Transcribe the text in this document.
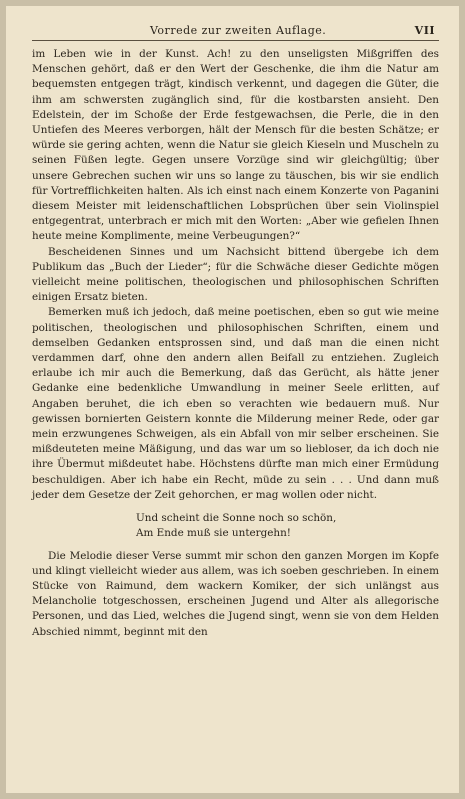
Vorrede zur zweiten Auflage.	VII

im Leben wie in der Kunst. Ach! zu den unseligsten Mißgriffen des Menschen gehört, daß er den Wert der Geschenke, die ihm die Natur am bequemsten entgegen trägt, kindisch verkennt, und dagegen die Güter, die ihm am schwersten zugänglich sind, für die kostbarsten ansieht. Den Edelstein, der im Schoße der Erde festgewachsen, die Perle, die in den Untiefen des Meeres verborgen, hält der Mensch für die besten Schätze; er würde sie gering achten, wenn die Natur sie gleich Kieseln und Muscheln zu seinen Füßen legte. Gegen unsere Vorzüge sind wir gleichgültig; über unsere Gebrechen suchen wir uns so lange zu täuschen, bis wir sie endlich für Vortrefflichkeiten halten. Als ich einst nach einem Konzerte von Paganini diesem Meister mit leidenschaftlichen Lobsprüchen über sein Violinspiel entgegentrat, unterbrach er mich mit den Worten: „Aber wie gefielen Ihnen heute meine Komplimente, meine Verbeugungen?“

Bescheidenen Sinnes und um Nachsicht bittend übergebe ich dem Publikum das „Buch der Lieder“; für die Schwäche dieser Gedichte mögen vielleicht meine politischen, theologischen und philosophischen Schriften einigen Ersatz bieten.

Bemerken muß ich jedoch, daß meine poetischen, eben so gut wie meine politischen, theologischen und philosophischen Schriften, einem und demselben Gedanken entsprossen sind, und daß man die einen nicht verdammen darf, ohne den andern allen Beifall zu entziehen. Zugleich erlaube ich mir auch die Bemerkung, daß das Gerücht, als hätte jener Gedanke eine bedenkliche Umwandlung in meiner Seele erlitten, auf Angaben beruhet, die ich eben so verachten wie bedauern muß. Nur gewissen bornierten Geistern konnte die Milderung meiner Rede, oder gar mein erzwungenes Schweigen, als ein Abfall von mir selber erscheinen. Sie mißdeuteten meine Mäßigung, und das war um so liebloser, da ich doch nie ihre Übermut mißdeutet habe. Höchstens dürfte man mich einer Ermüdung beschuldigen. Aber ich habe ein Recht, müde zu sein . . . Und dann muß jeder dem Gesetze der Zeit gehorchen, er mag wollen oder nicht.

Und scheint die Sonne noch so schön,
Am Ende muß sie untergehn!

Die Melodie dieser Verse summt mir schon den ganzen Morgen im Kopfe und klingt vielleicht wieder aus allem, was ich soeben geschrieben. In einem Stücke von Raimund, dem wackern Komiker, der sich unlängst aus Melancholie totgeschossen, erscheinen Jugend und Alter als allegorische Personen, und das Lied, welches die Jugend singt, wenn sie von dem Helden Abschied nimmt, beginnt mit den
